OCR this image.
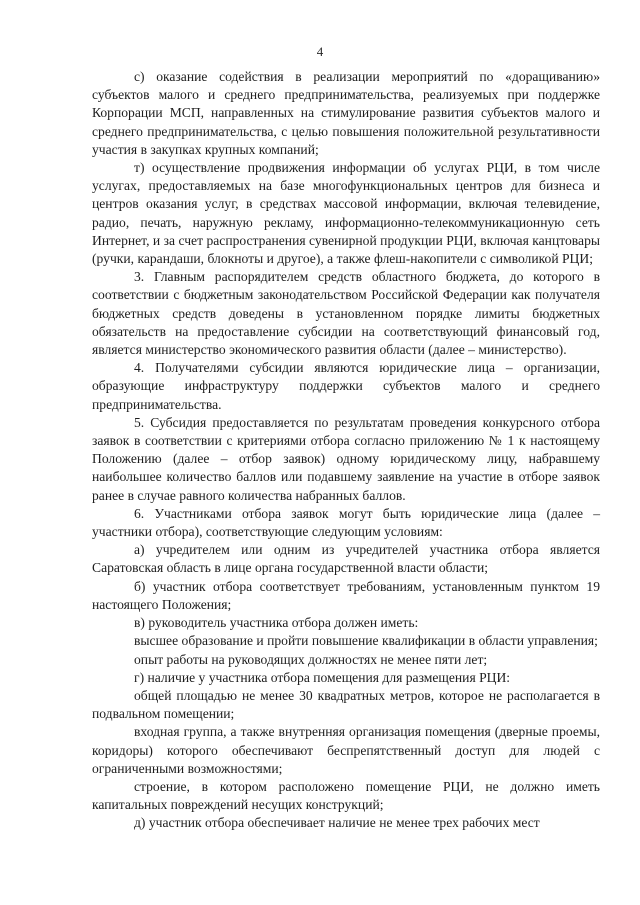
4

с) оказание содействия в реализации мероприятий по «доращиванию» субъектов малого и среднего предпринимательства, реализуемых при поддержке Корпорации МСП, направленных на стимулирование развития субъектов малого и среднего предпринимательства, с целью повышения положительной результативности участия в закупках крупных компаний;

т) осуществление продвижения информации об услугах РЦИ, в том числе услугах, предоставляемых на базе многофункциональных центров для бизнеса и центров оказания услуг, в средствах массовой информации, включая телевидение, радио, печать, наружную рекламу, информационно-телекоммуникационную сеть Интернет, и за счет распространения сувенирной продукции РЦИ, включая канцтовары (ручки, карандаши, блокноты и другое), а также флеш-накопители с символикой РЦИ;

3. Главным распорядителем средств областного бюджета, до которого в соответствии с бюджетным законодательством Российской Федерации как получателя бюджетных средств доведены в установленном порядке лимиты бюджетных обязательств на предоставление субсидии на соответствующий финансовый год, является министерство экономического развития области (далее – министерство).

4. Получателями субсидии являются юридические лица – организации, образующие инфраструктуру поддержки субъектов малого и среднего предпринимательства.

5. Субсидия предоставляется по результатам проведения конкурсного отбора заявок в соответствии с критериями отбора согласно приложению № 1 к настоящему Положению (далее – отбор заявок) одному юридическому лицу, набравшему наибольшее количество баллов или подавшему заявление на участие в отборе заявок ранее в случае равного количества набранных баллов.

6. Участниками отбора заявок могут быть юридические лица (далее – участники отбора), соответствующие следующим условиям:

а) учредителем или одним из учредителей участника отбора является Саратовская область в лице органа государственной власти области;

б) участник отбора соответствует требованиям, установленным пунктом 19 настоящего Положения;

в) руководитель участника отбора должен иметь:

высшее образование и пройти повышение квалификации в области управления;

опыт работы на руководящих должностях не менее пяти лет;

г) наличие у участника отбора помещения для размещения РЦИ:

общей площадью не менее 30 квадратных метров, которое не располагается в подвальном помещении;

входная группа, а также внутренняя организация помещения (дверные проемы, коридоры) которого обеспечивают беспрепятственный доступ для людей с ограниченными возможностями;

строение, в котором расположено помещение РЦИ, не должно иметь капитальных повреждений несущих конструкций;

д) участник отбора обеспечивает наличие не менее трех рабочих мест
